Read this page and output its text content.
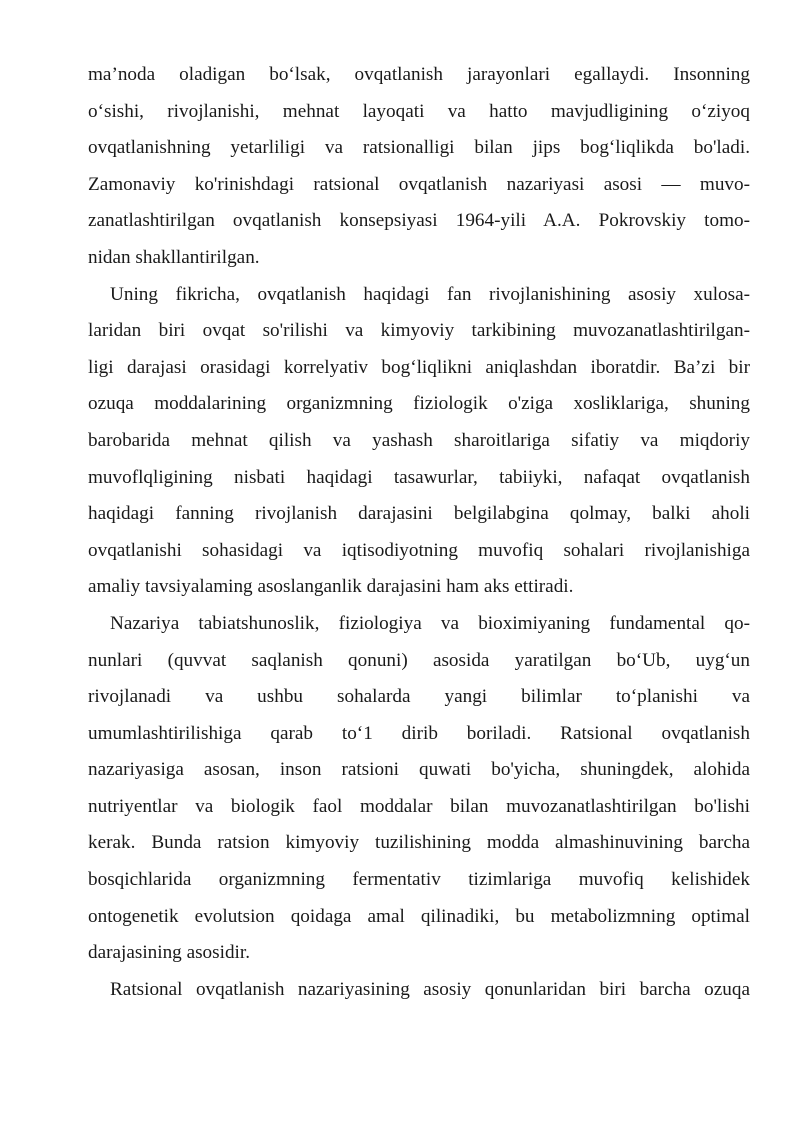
ma’noda oladigan bo‘lsak, ovqatlanish jarayonlari egallaydi. Insonning
o‘sishi, rivojlanishi, mehnat layoqati va hatto mavjudligining o‘ziyoq
ovqatlanishning yetarliligi va ratsionalligi bilan jips bog‘liqlikda bo'ladi.
Zamonaviy ko'rinishdagi ratsional ovqatlanish nazariyasi asosi — muvo-
zanatlashtirilgan ovqatlanish konsepsiyasi 1964-yili A.A. Pokrovskiy tomo-
nidan shakllantirilgan.
Uning fikricha, ovqatlanish haqidagi fan rivojlanishining asosiy xulosa-
laridan biri ovqat so'rilishi va kimyoviy tarkibining muvozanatlashtirilgan-
ligi darajasi orasidagi korrelyativ bog‘liqlikni aniqlashdan iboratdir. Ba’zi bir
ozuqa moddalarining organizmning fiziologik o'ziga xosliklariga, shuning
barobarida mehnat qilish va yashash sharoitlariga sifatiy va miqdoriy
muvoflqligining nisbati haqidagi tasawurlar, tabiiyki, nafaqat ovqatlanish
haqidagi fanning rivojlanish darajasini belgilabgina qolmay, balki aholi
ovqatlanishi sohasidagi va iqtisodiyotning muvofiq sohalari rivojlanishiga
amaliy tavsiyalaming asoslanganlik darajasini ham aks ettiradi.
Nazariya tabiatshunoslik, fiziologiya va bioximiyaning fundamental qo-
nunlari (quvvat saqlanish qonuni) asosida yaratilgan bo‘Ub, uyg‘un
rivojlanadi va ushbu sohalarda yangi bilimlar to‘planishi va
umumlashtirilishiga qarab to‘1 dirib boriladi. Ratsional ovqatlanish
nazariyasiga asosan, inson ratsioni quwati bo'yicha, shuningdek, alohida
nutriyentlar va biologik faol moddalar bilan muvozanatlashtirilgan bo'lishi
kerak. Bunda ratsion kimyoviy tuzilishining modda almashinuvining barcha
bosqichlarida organizmning fermentativ tizimlariga muvofiq kelishidek
ontogenetik evolutsion qoidaga amal qilinadiki, bu metabolizmning optimal
darajasining asosidir.
Ratsional ovqatlanish nazariyasining asosiy qonunlaridan biri barcha ozuqa
